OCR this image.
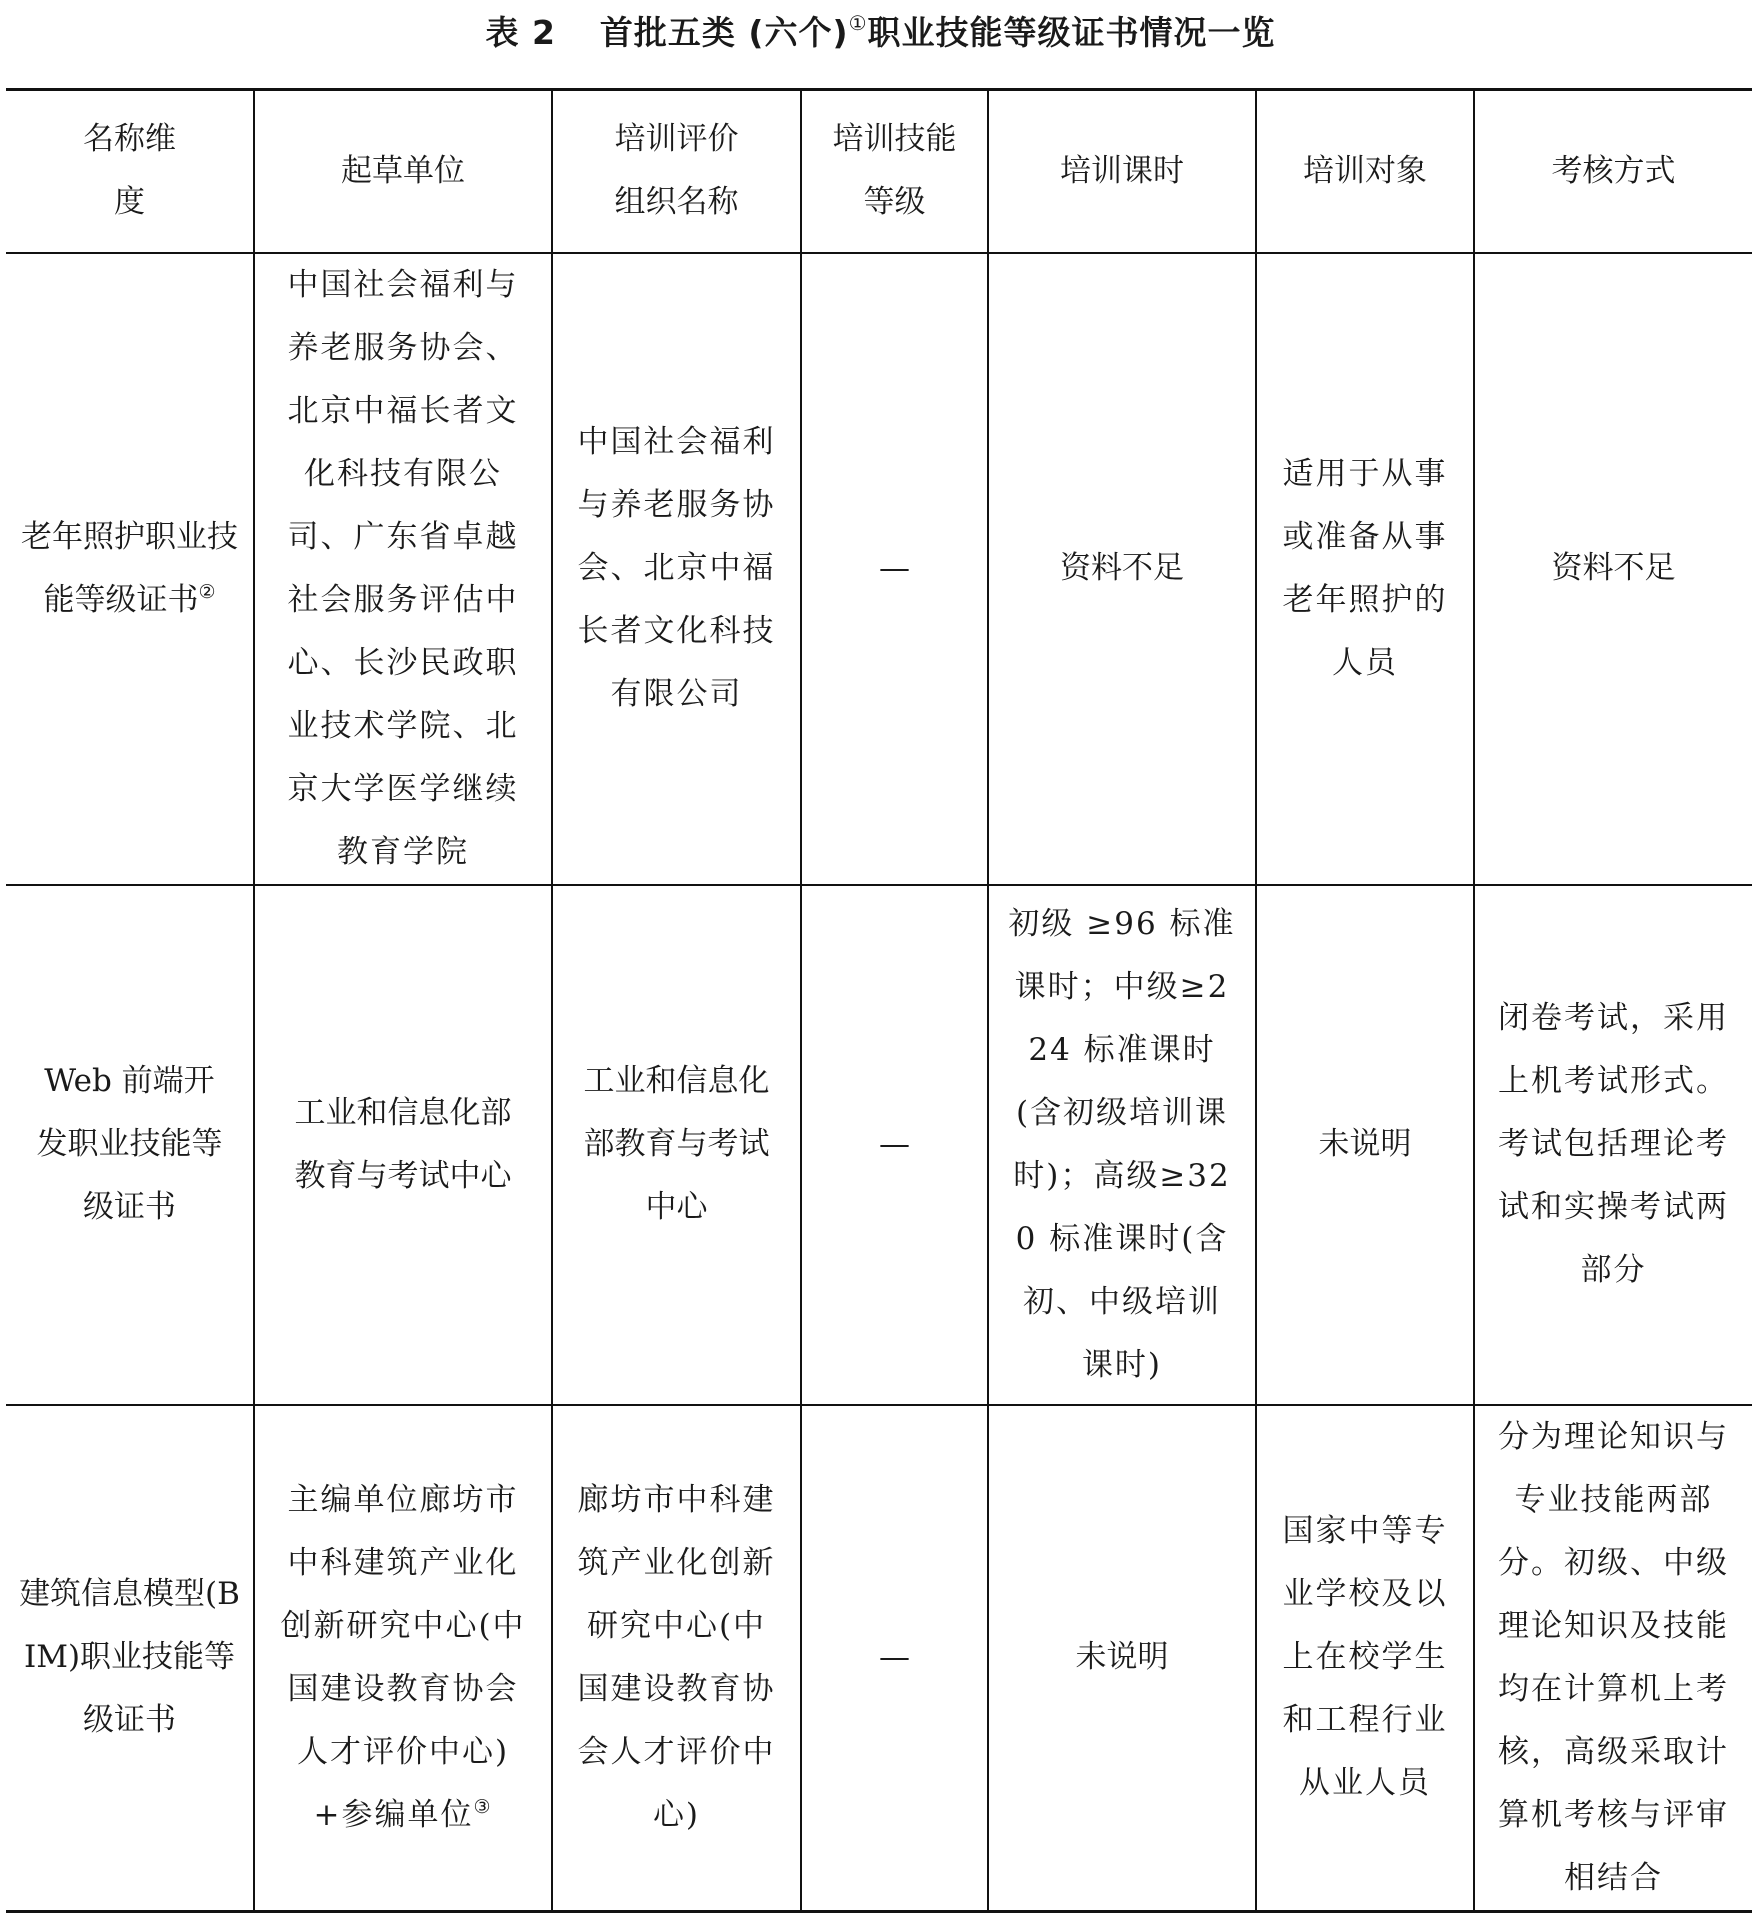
表 2 首批五类 (六个)①职业技能等级证书情况一览
名称维度	起草单位	培训评价组织名称	培训技能等级	培训课时	培训对象	考核方式
老年照护职业技能等级证书②	中国社会福利与养老服务协会、北京中福长者文化科技有限公司、广东省卓越社会服务评估中心、长沙民政职业技术学院、北京大学医学继续教育学院	中国社会福利与养老服务协会、北京中福长者文化科技有限公司	—	资料不足	适用于从事或准备从事老年照护的人员	资料不足
Web 前端开发职业技能等级证书	工业和信息化部教育与考试中心	工业和信息化部教育与考试中心	—	初级 ≥96 标准课时；中级≥224 标准课时(含初级培训课时)；高级≥320 标准课时(含初、中级培训课时)	未说明	闭卷考试，采用上机考试形式。考试包括理论考试和实操考试两部分
建筑信息模型(BIM)职业技能等级证书	主编单位廊坊市中科建筑产业化创新研究中心(中国建设教育协会人才评价中心)+参编单位③	廊坊市中科建筑产业化创新研究中心(中国建设教育协会人才评价中心)	—	未说明	国家中等专业学校及以上在校学生和工程行业从业人员	分为理论知识与专业技能两部分。初级、中级理论知识及技能均在计算机上考核，高级采取计算机考核与评审相结合
